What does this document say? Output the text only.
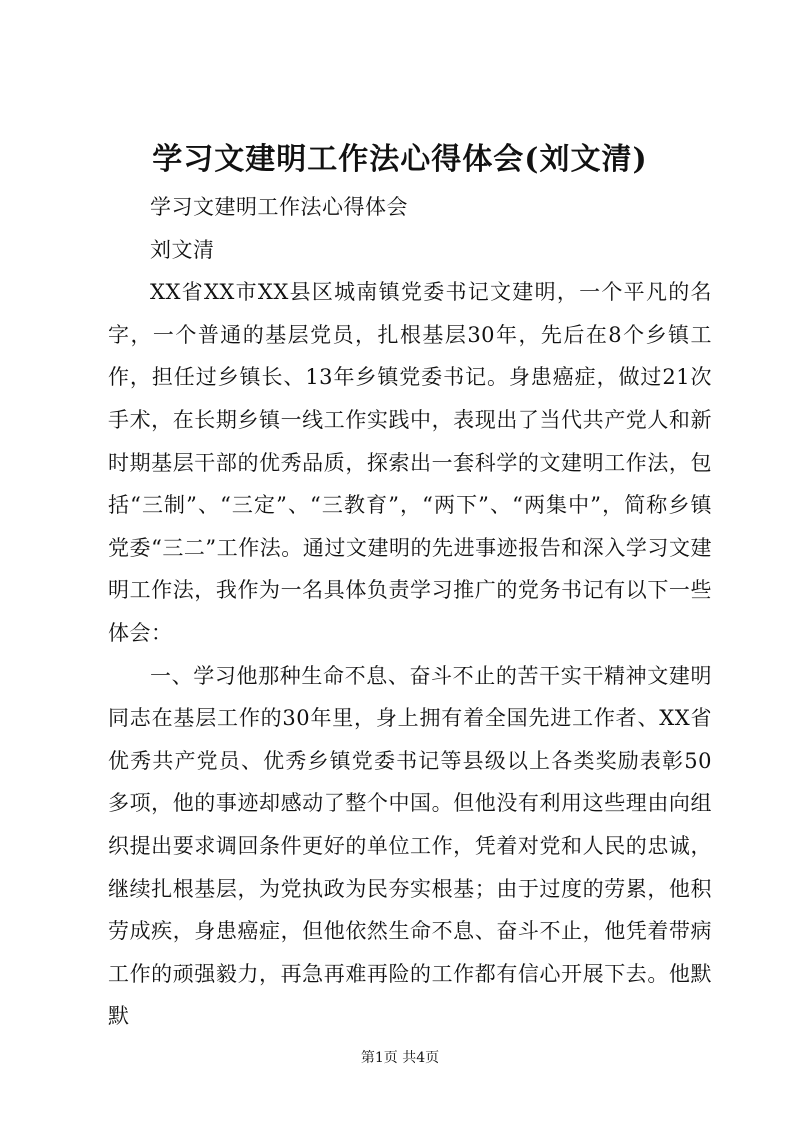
学习文建明工作法心得体会(刘文清)

学习文建明工作法心得体会

刘文清

XX省XX市XX县区城南镇党委书记文建明，一个平凡的名字，一个普通的基层党员，扎根基层30年，先后在8个乡镇工作，担任过乡镇长、13年乡镇党委书记。身患癌症，做过21次手术，在长期乡镇一线工作实践中，表现出了当代共产党人和新时期基层干部的优秀品质，探索出一套科学的文建明工作法，包括“三制”、“三定”、“三教育”，“两下”、“两集中”，简称乡镇党委“三二”工作法。通过文建明的先进事迹报告和深入学习文建明工作法，我作为一名具体负责学习推广的党务书记有以下一些体会：

一、学习他那种生命不息、奋斗不止的苦干实干精神文建明同志在基层工作的30年里，身上拥有着全国先进工作者、XX省优秀共产党员、优秀乡镇党委书记等县级以上各类奖励表彰50多项，他的事迹却感动了整个中国。但他没有利用这些理由向组织提出要求调回条件更好的单位工作，凭着对党和人民的忠诚，继续扎根基层，为党执政为民夯实根基；由于过度的劳累，他积劳成疾，身患癌症，但他依然生命不息、奋斗不止，他凭着带病工作的顽强毅力，再急再难再险的工作都有信心开展下去。他默默

第1页 共4页
